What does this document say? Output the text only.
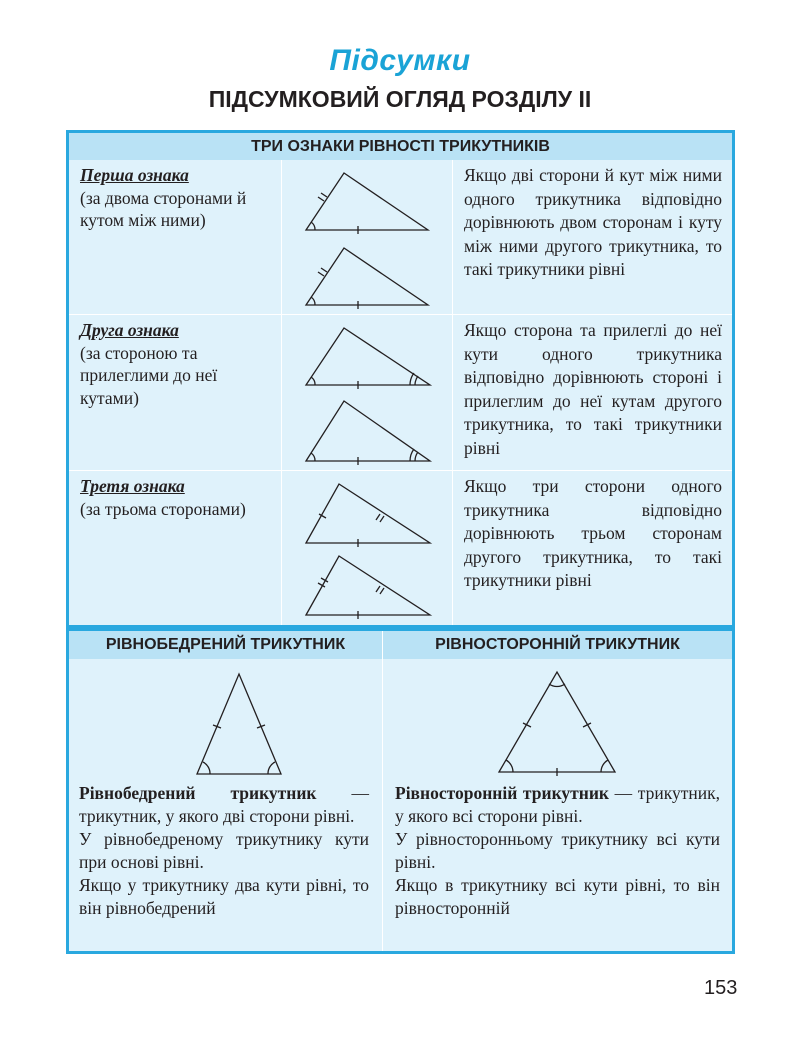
Підсумки
ПІДСУМКОВИЙ ОГЛЯД РОЗДІЛУ II
ТРИ ОЗНАКИ РІВНОСТІ ТРИКУТНИКІВ
Перша ознака
(за двома сторонами й кутом між ними)
Якщо дві сторони й кут між ними одного трикутника відповідно дорівнюють двом сторонам і куту між ними другого трикутника, то такі трикутники рівні
Друга ознака
(за стороною та прилеглими до неї кутами)
Якщо сторона та прилеглі до неї кути одного трикутника відповідно дорівнюють стороні і прилеглим до неї кутам другого трикутника, то такі трикутники рівні
Третя ознака
(за трьома сторонами)
Якщо три сторони одного трикутника відповідно дорівнюють трьом сторонам другого трикутника, то такі трикутники рівні
РІВНОБЕДРЕНИЙ ТРИКУТНИК	РІВНОСТОРОННІЙ ТРИКУТНИК

Рівнобедрений трикутник — трикутник, у якого дві сторони рівні.

У рівнобедреному трикутнику кути при основі рівні.

Якщо у трикутнику два кути рівні, то він рівнобедрений

Рівносторонній трикутник — трикутник, у якого всі сторони рівні.

У рівносторонньому трикутнику всі кути рівні.

Якщо в трикутнику всі кути рівні, то він рівносторонній

153
